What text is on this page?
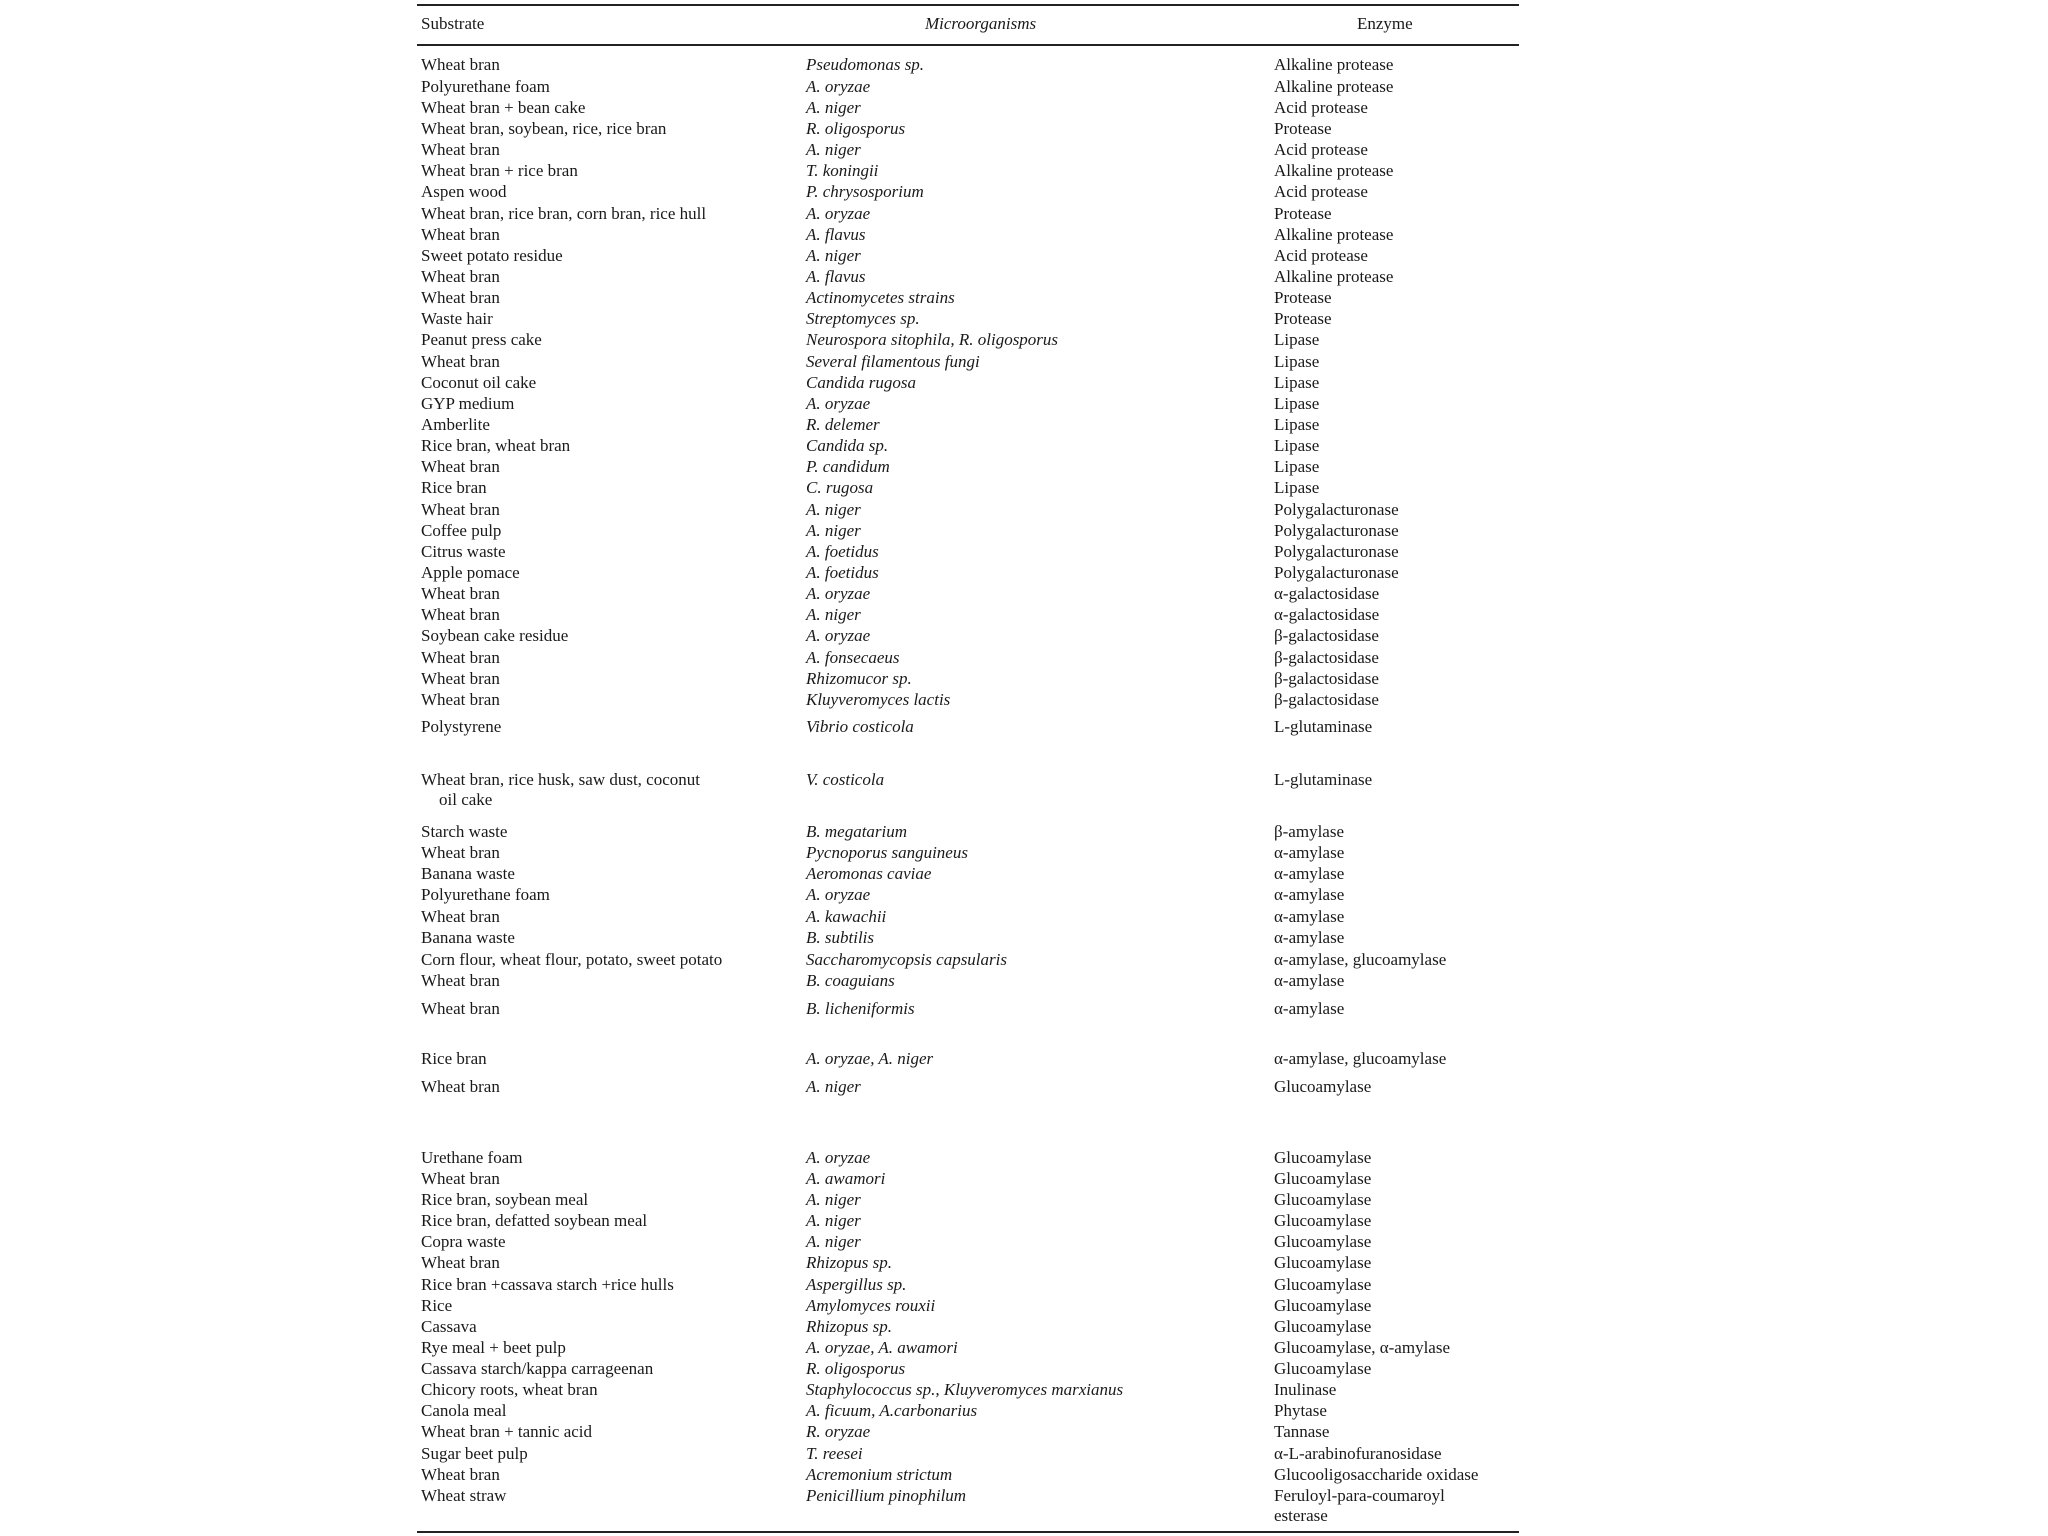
Substrate	Microorganisms	Enzyme
Wheat bran	Pseudomonas sp.	Alkaline protease
Polyurethane foam	A. oryzae	Alkaline protease
Wheat bran + bean cake	A. niger	Acid protease
Wheat bran, soybean, rice, rice bran	R. oligosporus	Protease
Wheat bran	A. niger	Acid protease
Wheat bran + rice bran	T. koningii	Alkaline protease
Aspen wood	P. chrysosporium	Acid protease
Wheat bran, rice bran, corn bran, rice hull	A. oryzae	Protease
Wheat bran	A. flavus	Alkaline protease
Sweet potato residue	A. niger	Acid protease
Wheat bran	A. flavus	Alkaline protease
Wheat bran	Actinomycetes strains	Protease
Waste hair	Streptomyces sp.	Protease
Peanut press cake	Neurospora sitophila, R. oligosporus	Lipase
Wheat bran	Several filamentous fungi	Lipase
Coconut oil cake	Candida rugosa	Lipase
GYP medium	A. oryzae	Lipase
Amberlite	R. delemer	Lipase
Rice bran, wheat bran	Candida sp.	Lipase
Wheat bran	P. candidum	Lipase
Rice bran	C. rugosa	Lipase
Wheat bran	A. niger	Polygalacturonase
Coffee pulp	A. niger	Polygalacturonase
Citrus waste	A. foetidus	Polygalacturonase
Apple pomace	A. foetidus	Polygalacturonase
Wheat bran	A. oryzae	α-galactosidase
Wheat bran	A. niger	α-galactosidase
Soybean cake residue	A. oryzae	β-galactosidase
Wheat bran	A. fonsecaeus	β-galactosidase
Wheat bran	Rhizomucor sp.	β-galactosidase
Wheat bran	Kluyveromyces lactis	β-galactosidase
Polystyrene	Vibrio costicola	L-glutaminase
Wheat bran, rice husk, saw dust, coconut	V. costicola	L-glutaminase
oil cake
Starch waste	B. megatarium	β-amylase
Wheat bran	Pycnoporus sanguineus	α-amylase
Banana waste	Aeromonas caviae	α-amylase
Polyurethane foam	A. oryzae	α-amylase
Wheat bran	A. kawachii	α-amylase
Banana waste	B. subtilis	α-amylase
Corn flour, wheat flour, potato, sweet potato	Saccharomycopsis capsularis	α-amylase, glucoamylase
Wheat bran	B. coaguians	α-amylase
Wheat bran	B. licheniformis	α-amylase
Rice bran	A. oryzae, A. niger	α-amylase, glucoamylase
Wheat bran	A. niger	Glucoamylase
Urethane foam	A. oryzae	Glucoamylase
Wheat bran	A. awamori	Glucoamylase
Rice bran, soybean meal	A. niger	Glucoamylase
Rice bran, defatted soybean meal	A. niger	Glucoamylase
Copra waste	A. niger	Glucoamylase
Wheat bran	Rhizopus sp.	Glucoamylase
Rice bran +cassava starch +rice hulls	Aspergillus sp.	Glucoamylase
Rice	Amylomyces rouxii	Glucoamylase
Cassava	Rhizopus sp.	Glucoamylase
Rye meal + beet pulp	A. oryzae, A. awamori	Glucoamylase, α-amylase
Cassava starch/kappa carrageenan	R. oligosporus	Glucoamylase
Chicory roots, wheat bran	Staphylococcus sp., Kluyveromyces marxianus	Inulinase
Canola meal	A. ficuum, A.carbonarius	Phytase
Wheat bran + tannic acid	R. oryzae	Tannase
Sugar beet pulp	T. reesei	α-L-arabinofuranosidase
Wheat bran	Acremonium strictum	Glucooligosaccharide oxidase
Wheat straw	Penicillium pinophilum	Feruloyl-para-coumaroyl
esterase
